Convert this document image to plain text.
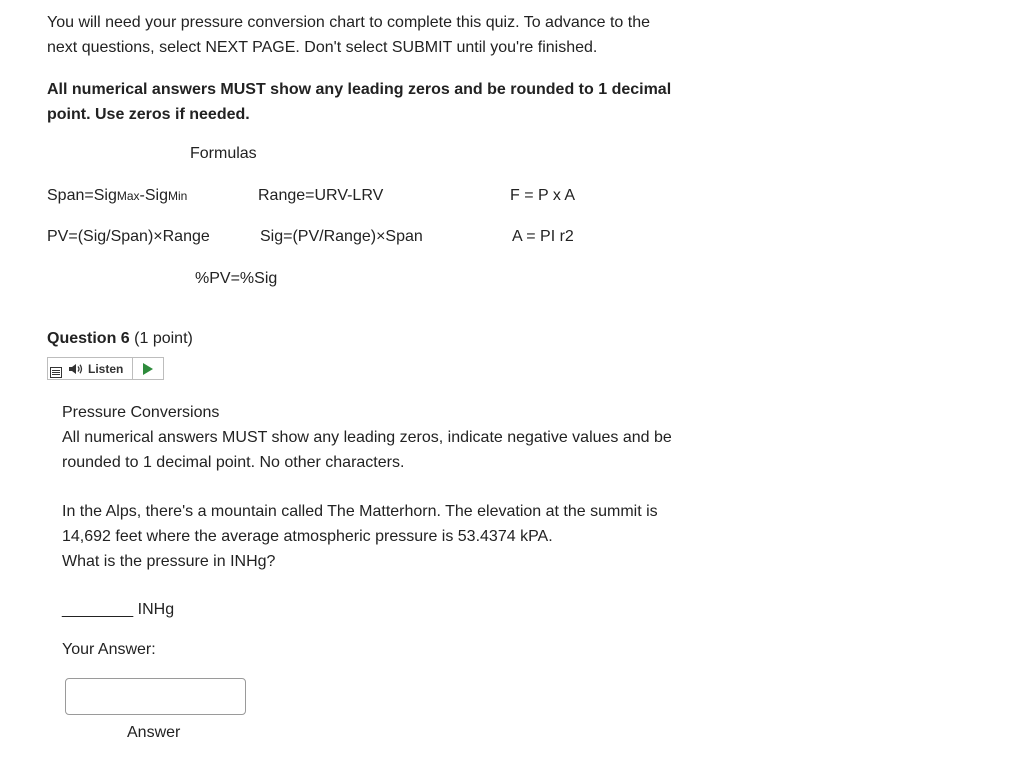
You will need your pressure conversion chart to complete this quiz. To advance to the
next questions, select NEXT PAGE. Don't select SUBMIT until you're finished.
All numerical answers MUST show any leading zeros and be rounded to 1 decimal
point. Use zeros if needed.
Formulas
Span=SigMax-SigMin	Range=URV-LRV	F = P x A
PV=(Sig/Span)×Range	Sig=(PV/Range)×Span	A = PI r2
%PV=%Sig
Question 6 (1 point)
Listen
Pressure Conversions
All numerical answers MUST show any leading zeros, indicate negative values and be
rounded to 1 decimal point. No other characters.
In the Alps, there's a mountain called The Matterhorn. The elevation at the summit is
14,692 feet where the average atmospheric pressure is 53.4374 kPA.
What is the pressure in INHg?
________ INHg
Your Answer:
Answer
